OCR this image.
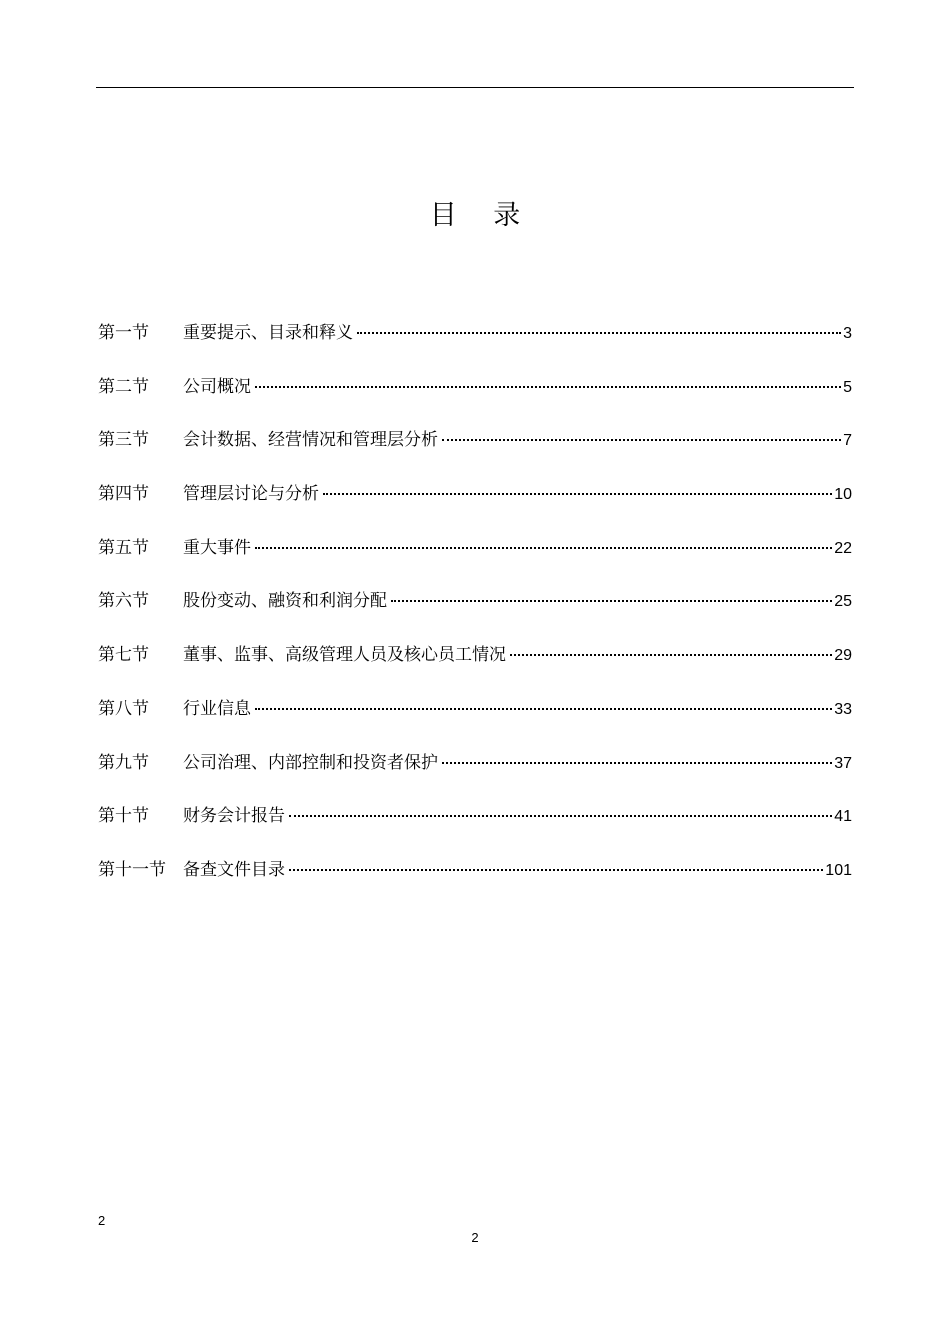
目 录
第一节	重要提示、目录和释义	3
第二节	公司概况	5
第三节	会计数据、经营情况和管理层分析	7
第四节	管理层讨论与分析	10
第五节	重大事件	22
第六节	股份变动、融资和利润分配	25
第七节	董事、监事、高级管理人员及核心员工情况	29
第八节	行业信息	33
第九节	公司治理、内部控制和投资者保护	37
第十节	财务会计报告	41
第十一节	备查文件目录	101
2
2
